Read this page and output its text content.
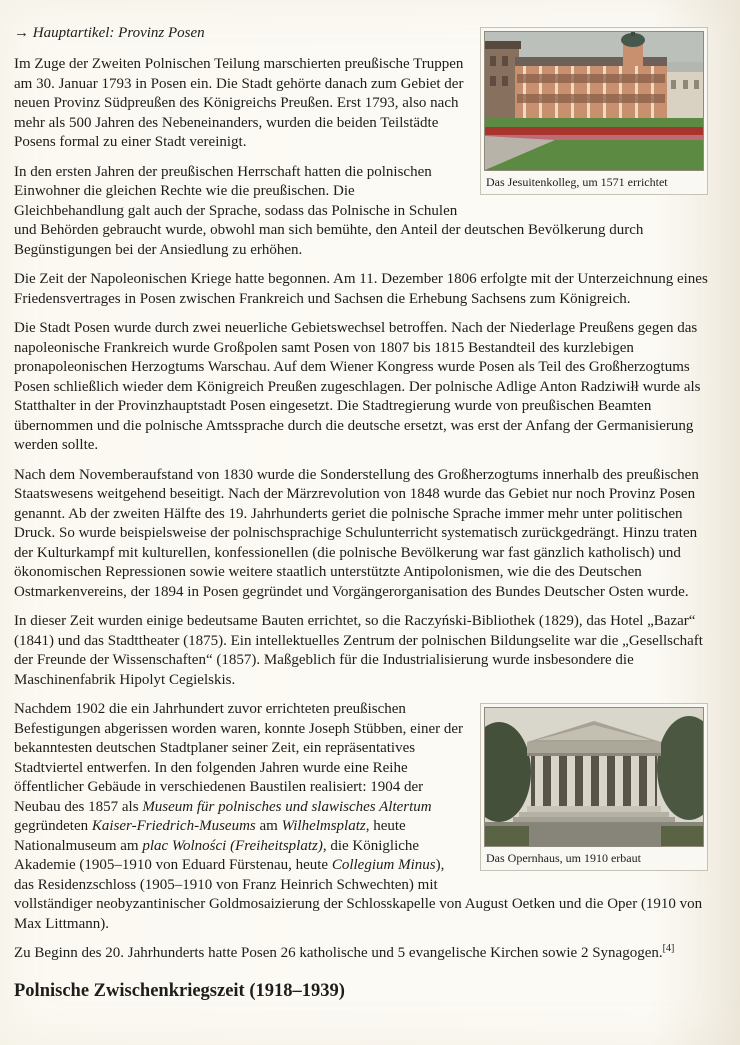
Das Jesuitenkolleg, um 1571 errichtet

→ Hauptartikel: Provinz Posen

Im Zuge der Zweiten Polnischen Teilung marschierten preußische Truppen am 30. Januar 1793 in Posen ein. Die Stadt gehörte danach zum Gebiet der neuen Provinz Südpreußen des Königreichs Preußen. Erst 1793, also nach mehr als 500 Jahren des Nebeneinanders, wurden die beiden Teilstädte Posens formal zu einer Stadt vereinigt.

In den ersten Jahren der preußischen Herrschaft hatten die polnischen Einwohner die gleichen Rechte wie die preußischen. Die Gleichbehandlung galt auch der Sprache, sodass das Polnische in Schulen und Behörden gebraucht wurde, obwohl man sich bemühte, den Anteil der deutschen Bevölkerung durch Begünstigungen bei der Ansiedlung zu erhöhen.

Die Zeit der Napoleonischen Kriege hatte begonnen. Am 11. Dezember 1806 erfolgte mit der Unterzeichnung eines Friedensvertrages in Posen zwischen Frankreich und Sachsen die Erhebung Sachsens zum Königreich.

Die Stadt Posen wurde durch zwei neuerliche Gebietswechsel betroffen. Nach der Niederlage Preußens gegen das napoleonische Frankreich wurde Großpolen samt Posen von 1807 bis 1815 Bestandteil des kurzlebigen pronapoleonischen Herzogtums Warschau. Auf dem Wiener Kongress wurde Posen als Teil des Großherzogtums Posen schließlich wieder dem Königreich Preußen zugeschlagen. Der polnische Adlige Anton Radziwiłł wurde als Statthalter in der Provinzhauptstadt Posen eingesetzt. Die Stadtregierung wurde von preußischen Beamten übernommen und die polnische Amtssprache durch die deutsche ersetzt, was erst der Anfang der Germanisierung werden sollte.

Nach dem Novemberaufstand von 1830 wurde die Sonderstellung des Großherzogtums innerhalb des preußischen Staatswesens weitgehend beseitigt. Nach der Märzrevolution von 1848 wurde das Gebiet nur noch Provinz Posen genannt. Ab der zweiten Hälfte des 19. Jahrhunderts geriet die polnische Sprache immer mehr unter politischen Druck. So wurde beispielsweise der polnischsprachige Schulunterricht systematisch zurückgedrängt. Hinzu traten der Kulturkampf mit kulturellen, konfessionellen (die polnische Bevölkerung war fast gänzlich katholisch) und ökonomischen Repressionen sowie weitere staatlich unterstützte Antipolonismen, wie die des Deutschen Ostmarkenvereins, der 1894 in Posen gegründet und Vorgängerorganisation des Bundes Deutscher Osten wurde.

In dieser Zeit wurden einige bedeutsame Bauten errichtet, so die Raczyński-Bibliothek (1829), das Hotel „Bazar“ (1841) und das Stadttheater (1875). Ein intellektuelles Zentrum der polnischen Bildungselite war die „Gesellschaft der Freunde der Wissenschaften“ (1857). Maßgeblich für die Industrialisierung wurde insbesondere die Maschinenfabrik Hipolyt Cegielskis.

Das Opernhaus, um 1910 erbaut

Nachdem 1902 die ein Jahrhundert zuvor errichteten preußischen Befestigungen abgerissen worden waren, konnte Joseph Stübben, einer der bekanntesten deutschen Stadtplaner seiner Zeit, ein repräsentatives Stadtviertel entwerfen. In den folgenden Jahren wurde eine Reihe öffentlicher Gebäude in verschiedenen Baustilen realisiert: 1904 der Neubau des 1857 als Museum für polnisches und slawisches Altertum gegründeten Kaiser-Friedrich-Museums am Wilhelmsplatz, heute Nationalmuseum am plac Wolności (Freiheitsplatz), die Königliche Akademie (1905–1910 von Eduard Fürstenau, heute Collegium Minus), das Residenzschloss (1905–1910 von Franz Heinrich Schwechten) mit vollständiger neobyzantinischer Goldmosaizierung der Schlosskapelle von August Oetken und die Oper (1910 von Max Littmann).

Zu Beginn des 20. Jahrhunderts hatte Posen 26 katholische und 5 evangelische Kirchen sowie 2 Synagogen.[4]

Polnische Zwischenkriegszeit (1918–1939)
